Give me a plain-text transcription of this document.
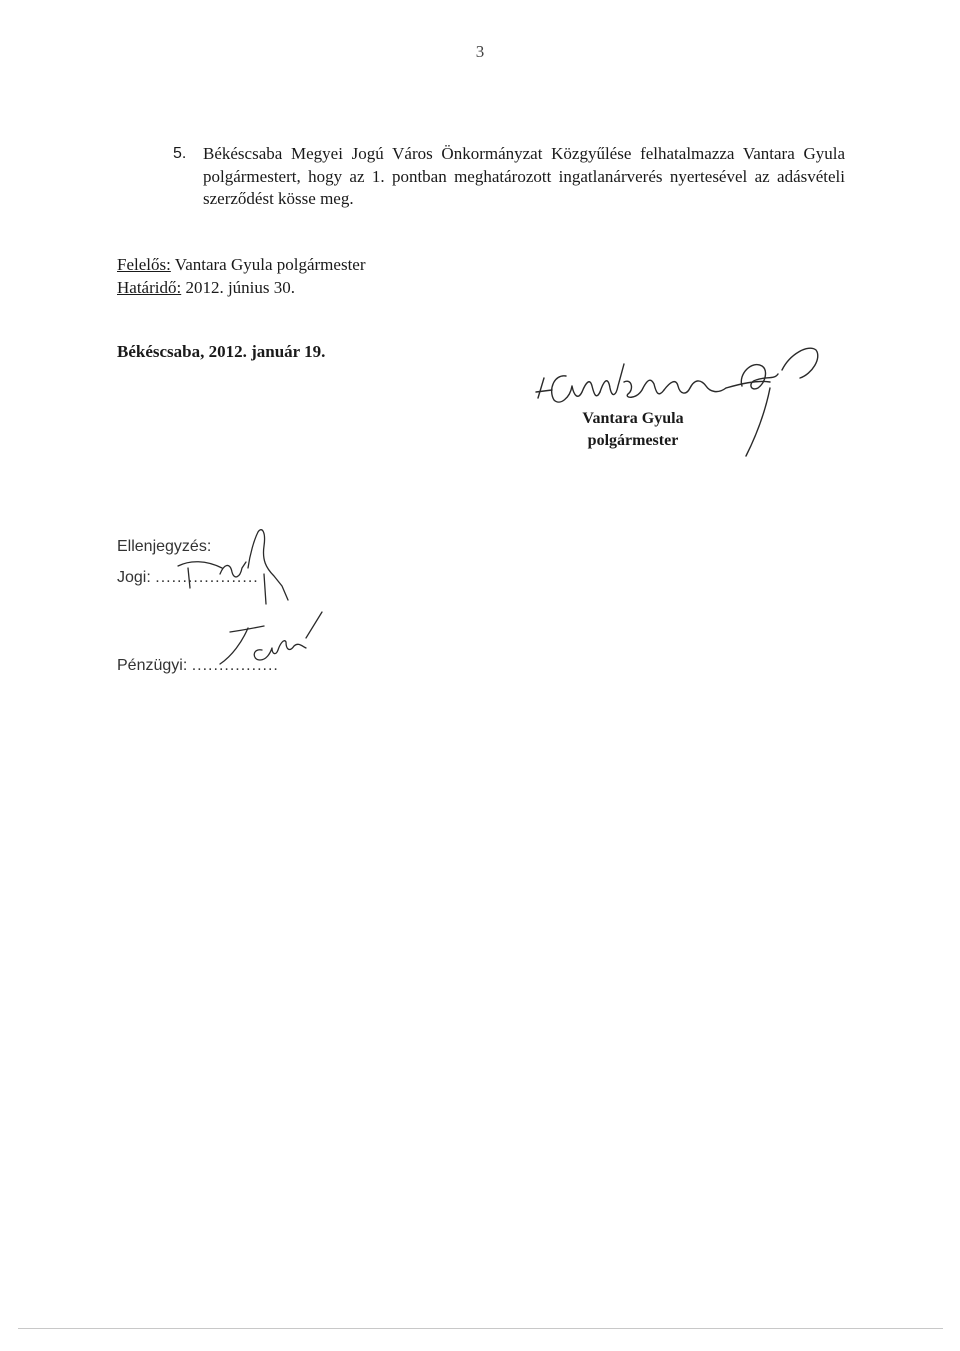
3
5. Békéscsaba Megyei Jogú Város Önkormányzat Közgyűlése felhatalmazza Vantara Gyula polgármestert, hogy az 1. pontban meghatározott ingatlanárverés nyertesével az adásvételi szerződést kösse meg.
Felelős: Vantara Gyula polgármester
Határidő: 2012. június 30.
Békéscsaba, 2012. január 19.
Vantara Gyula
polgármester
Ellenjegyzés:
Jogi: ...................
Pénzügyi: ................
